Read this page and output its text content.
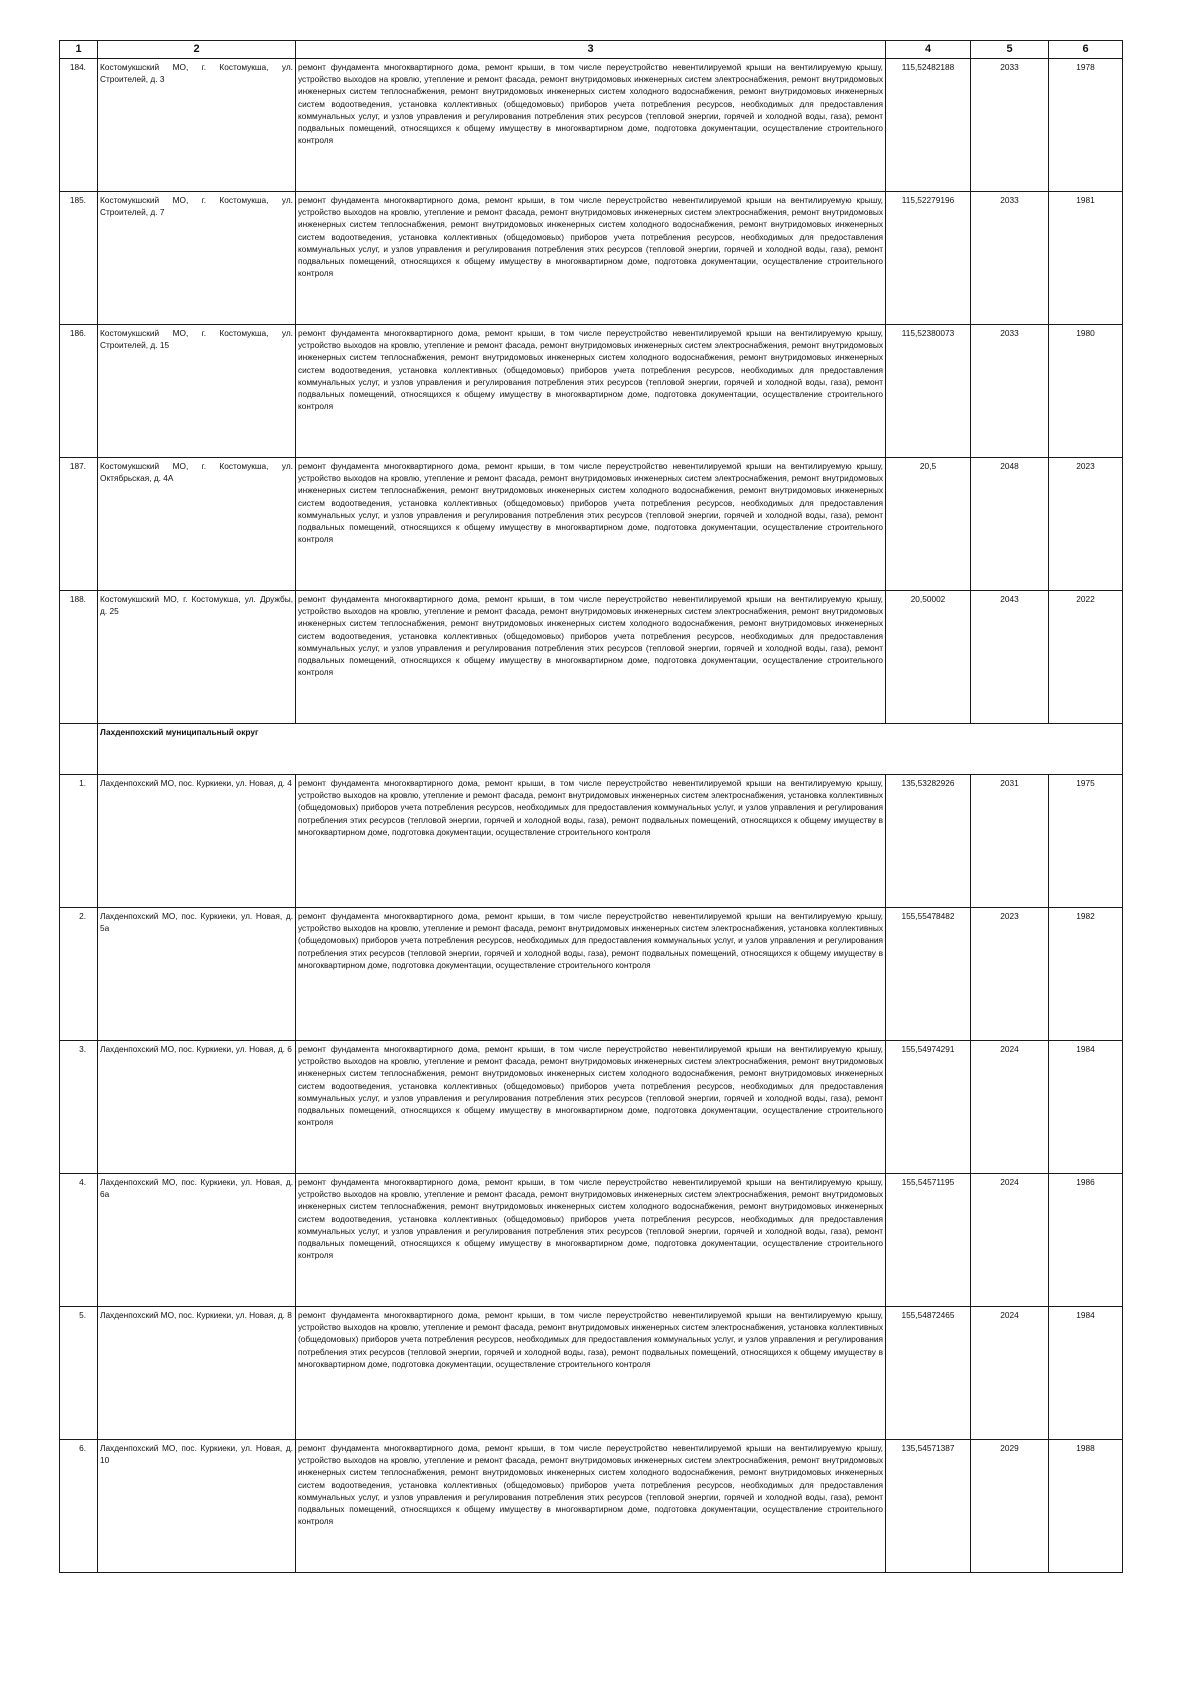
1	2	3	4	5	6
184.	Костомукшский МО, г. Костомукша, ул. Строителей, д. 3	ремонт фундамента многоквартирного дома, ремонт крыши, в том числе переустройство невентилируемой крыши на вентилируемую крышу, устройство выходов на кровлю, утепление и ремонт фасада, ремонт внутридомовых инженерных систем электроснабжения, ремонт внутридомовых инженерных систем теплоснабжения, ремонт внутридомовых инженерных систем холодного водоснабжения, ремонт внутридомовых инженерных систем водоотведения, установка коллективных (общедомовых) приборов учета потребления ресурсов, необходимых для предоставления коммунальных услуг, и узлов управления и регулирования потребления этих ресурсов (тепловой энергии, горячей и холодной воды, газа), ремонт подвальных помещений, относящихся к общему имуществу в многоквартирном доме, подготовка документации, осуществление строительного контроля	115,52482188	2033	1978
185.	Костомукшский МО, г. Костомукша, ул. Строителей, д. 7	ремонт фундамента многоквартирного дома, ремонт крыши, в том числе переустройство невентилируемой крыши на вентилируемую крышу, устройство выходов на кровлю, утепление и ремонт фасада, ремонт внутридомовых инженерных систем электроснабжения, ремонт внутридомовых инженерных систем теплоснабжения, ремонт внутридомовых инженерных систем холодного водоснабжения, ремонт внутридомовых инженерных систем водоотведения, установка коллективных (общедомовых) приборов учета потребления ресурсов, необходимых для предоставления коммунальных услуг, и узлов управления и регулирования потребления этих ресурсов (тепловой энергии, горячей и холодной воды, газа), ремонт подвальных помещений, относящихся к общему имуществу в многоквартирном доме, подготовка документации, осуществление строительного контроля	115,52279196	2033	1981
186.	Костомукшский МО, г. Костомукша, ул. Строителей, д. 15	ремонт фундамента многоквартирного дома, ремонт крыши, в том числе переустройство невентилируемой крыши на вентилируемую крышу, устройство выходов на кровлю, утепление и ремонт фасада, ремонт внутридомовых инженерных систем электроснабжения, ремонт внутридомовых инженерных систем теплоснабжения, ремонт внутридомовых инженерных систем холодного водоснабжения, ремонт внутридомовых инженерных систем водоотведения, установка коллективных (общедомовых) приборов учета потребления ресурсов, необходимых для предоставления коммунальных услуг, и узлов управления и регулирования потребления этих ресурсов (тепловой энергии, горячей и холодной воды, газа), ремонт подвальных помещений, относящихся к общему имуществу в многоквартирном доме, подготовка документации, осуществление строительного контроля	115,52380073	2033	1980
187.	Костомукшский МО, г. Костомукша, ул. Октябрьская, д. 4А	ремонт фундамента многоквартирного дома, ремонт крыши, в том числе переустройство невентилируемой крыши на вентилируемую крышу, устройство выходов на кровлю, утепление и ремонт фасада, ремонт внутридомовых инженерных систем электроснабжения, ремонт внутридомовых инженерных систем теплоснабжения, ремонт внутридомовых инженерных систем холодного водоснабжения, ремонт внутридомовых инженерных систем водоотведения, установка коллективных (общедомовых) приборов учета потребления ресурсов, необходимых для предоставления коммунальных услуг, и узлов управления и регулирования потребления этих ресурсов (тепловой энергии, горячей и холодной воды, газа), ремонт подвальных помещений, относящихся к общему имуществу в многоквартирном доме, подготовка документации, осуществление строительного контроля	20,5	2048	2023
188.	Костомукшский МО, г. Костомукша, ул. Дружбы, д. 25	ремонт фундамента многоквартирного дома, ремонт крыши, в том числе переустройство невентилируемой крыши на вентилируемую крышу, устройство выходов на кровлю, утепление и ремонт фасада, ремонт внутридомовых инженерных систем электроснабжения, ремонт внутридомовых инженерных систем теплоснабжения, ремонт внутридомовых инженерных систем холодного водоснабжения, ремонт внутридомовых инженерных систем водоотведения, установка коллективных (общедомовых) приборов учета потребления ресурсов, необходимых для предоставления коммунальных услуг, и узлов управления и регулирования потребления этих ресурсов (тепловой энергии, горячей и холодной воды, газа), ремонт подвальных помещений, относящихся к общему имуществу в многоквартирном доме, подготовка документации, осуществление строительного контроля	20,50002	2043	2022
	Лахденпохский муниципальный округ				
1.	Лахденпохский МО, пос. Куркиеки, ул. Новая, д. 4	ремонт фундамента многоквартирного дома, ремонт крыши, в том числе переустройство невентилируемой крыши на вентилируемую крышу, устройство выходов на кровлю, утепление и ремонт фасада, ремонт внутридомовых инженерных систем электроснабжения, установка коллективных (общедомовых) приборов учета потребления ресурсов, необходимых для предоставления коммунальных услуг, и узлов управления и регулирования потребления этих ресурсов (тепловой энергии, горячей и холодной воды, газа), ремонт подвальных помещений, относящихся к общему имуществу в многоквартирном доме, подготовка документации, осуществление строительного контроля	135,53282926	2031	1975
2.	Лахденпохский МО, пос. Куркиеки, ул. Новая, д. 5а	ремонт фундамента многоквартирного дома, ремонт крыши, в том числе переустройство невентилируемой крыши на вентилируемую крышу, устройство выходов на кровлю, утепление и ремонт фасада, ремонт внутридомовых инженерных систем электроснабжения, установка коллективных (общедомовых) приборов учета потребления ресурсов, необходимых для предоставления коммунальных услуг, и узлов управления и регулирования потребления этих ресурсов (тепловой энергии, горячей и холодной воды, газа), ремонт подвальных помещений, относящихся к общему имуществу в многоквартирном доме, подготовка документации, осуществление строительного контроля	155,55478482	2023	1982
3.	Лахденпохский МО, пос. Куркиеки, ул. Новая, д. 6	ремонт фундамента многоквартирного дома, ремонт крыши, в том числе переустройство невентилируемой крыши на вентилируемую крышу, устройство выходов на кровлю, утепление и ремонт фасада, ремонт внутридомовых инженерных систем электроснабжения, ремонт внутридомовых инженерных систем теплоснабжения, ремонт внутридомовых инженерных систем холодного водоснабжения, ремонт внутридомовых инженерных систем водоотведения, установка коллективных (общедомовых) приборов учета потребления ресурсов, необходимых для предоставления коммунальных услуг, и узлов управления и регулирования потребления этих ресурсов (тепловой энергии, горячей и холодной воды, газа), ремонт подвальных помещений, относящихся к общему имуществу в многоквартирном доме, подготовка документации, осуществление строительного контроля	155,54974291	2024	1984
4.	Лахденпохский МО, пос. Куркиеки, ул. Новая, д. 6а	ремонт фундамента многоквартирного дома, ремонт крыши, в том числе переустройство невентилируемой крыши на вентилируемую крышу, устройство выходов на кровлю, утепление и ремонт фасада, ремонт внутридомовых инженерных систем электроснабжения, ремонт внутридомовых инженерных систем теплоснабжения, ремонт внутридомовых инженерных систем холодного водоснабжения, ремонт внутридомовых инженерных систем водоотведения, установка коллективных (общедомовых) приборов учета потребления ресурсов, необходимых для предоставления коммунальных услуг, и узлов управления и регулирования потребления этих ресурсов (тепловой энергии, горячей и холодной воды, газа), ремонт подвальных помещений, относящихся к общему имуществу в многоквартирном доме, подготовка документации, осуществление строительного контроля	155,54571195	2024	1986
5.	Лахденпохский МО, пос. Куркиеки, ул. Новая, д. 8	ремонт фундамента многоквартирного дома, ремонт крыши, в том числе переустройство невентилируемой крыши на вентилируемую крышу, устройство выходов на кровлю, утепление и ремонт фасада, ремонт внутридомовых инженерных систем электроснабжения, установка коллективных (общедомовых) приборов учета потребления ресурсов, необходимых для предоставления коммунальных услуг, и узлов управления и регулирования потребления этих ресурсов (тепловой энергии, горячей и холодной воды, газа), ремонт подвальных помещений, относящихся к общему имуществу в многоквартирном доме, подготовка документации, осуществление строительного контроля	155,54872465	2024	1984
6.	Лахденпохский МО, пос. Куркиеки, ул. Новая, д. 10	ремонт фундамента многоквартирного дома, ремонт крыши, в том числе переустройство невентилируемой крыши на вентилируемую крышу, устройство выходов на кровлю, утепление и ремонт фасада, ремонт внутридомовых инженерных систем электроснабжения, ремонт внутридомовых инженерных систем теплоснабжения, ремонт внутридомовых инженерных систем холодного водоснабжения, ремонт внутридомовых инженерных систем водоотведения, установка коллективных (общедомовых) приборов учета потребления ресурсов, необходимых для предоставления коммунальных услуг, и узлов управления и регулирования потребления этих ресурсов (тепловой энергии, горячей и холодной воды, газа), ремонт подвальных помещений, относящихся к общему имуществу в многоквартирном доме, подготовка документации, осуществление строительного контроля	135,54571387	2029	1988
